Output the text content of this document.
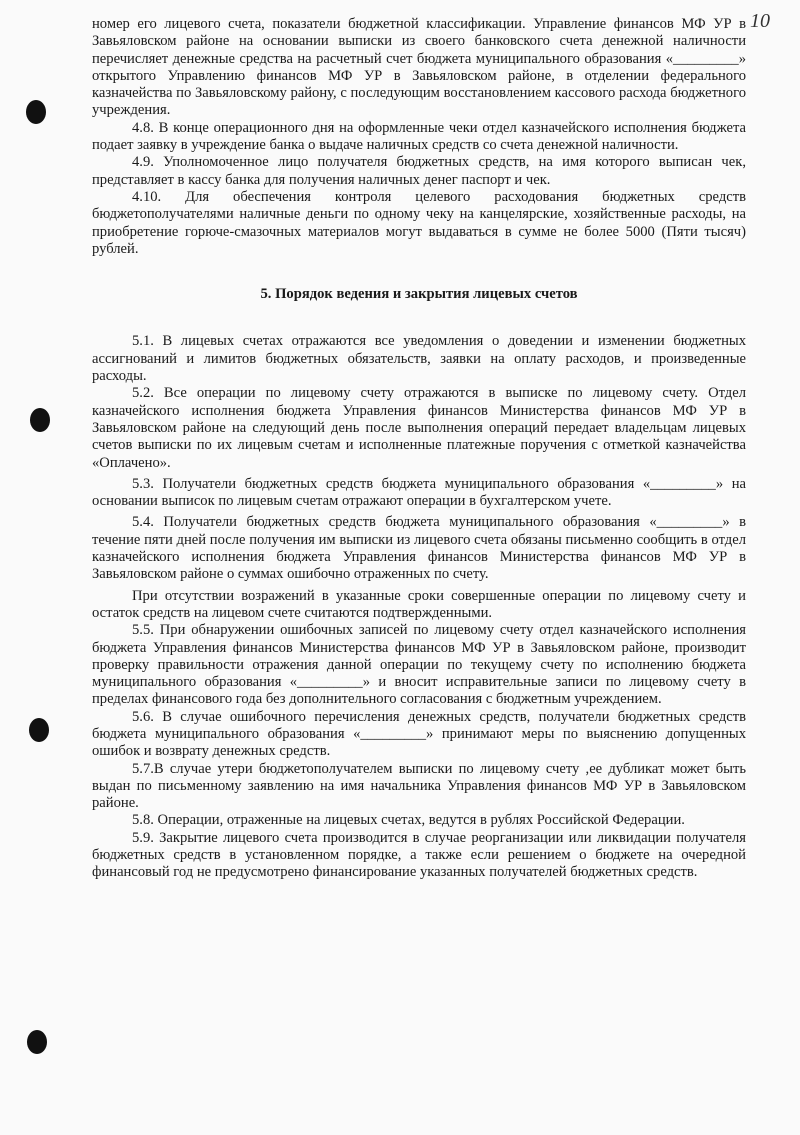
10

номер его лицевого счета, показатели бюджетной классификации. Управление финансов МФ УР в Завьяловском районе на основании выписки из своего банковского счета денежной наличности перечисляет денежные средства на расчетный счет бюджета муниципального образования «_________» открытого Управлению финансов МФ УР в Завьяловском районе, в отделении федерального казначейства по Завьяловскому району, с последующим восстановлением кассового расхода бюджетного учреждения.

4.8. В конце операционного дня на оформленные чеки отдел казначейского исполнения бюджета подает заявку в учреждение банка о выдаче наличных средств со счета денежной наличности.

4.9. Уполномоченное лицо получателя бюджетных средств, на имя которого выписан чек, представляет в кассу банка для получения наличных денег паспорт и чек.

4.10. Для обеспечения контроля целевого расходования бюджетных средств бюджетополучателями наличные деньги по одному чеку на канцелярские, хозяйственные расходы, на приобретение горюче-смазочных материалов могут выдаваться в сумме не более 5000 (Пяти тысяч) рублей.

5. Порядок ведения и закрытия лицевых счетов

5.1. В лицевых счетах отражаются все уведомления о доведении и изменении бюджетных ассигнований и лимитов бюджетных обязательств, заявки на оплату расходов, и произведенные расходы.

5.2. Все операции по лицевому счету отражаются в выписке по лицевому счету. Отдел казначейского исполнения бюджета Управления финансов Министерства финансов МФ УР в Завьяловском районе на следующий день после выполнения операций передает владельцам лицевых счетов выписки по их лицевым счетам и исполненные платежные поручения с отметкой казначейства «Оплачено».

5.3. Получатели бюджетных средств бюджета муниципального образования «_________» на основании выписок по лицевым счетам отражают операции в бухгалтерском учете.

5.4. Получатели бюджетных средств бюджета муниципального образования «_________» в течение пяти дней после получения им выписки из лицевого счета обязаны письменно сообщить в отдел казначейского исполнения бюджета Управления финансов Министерства финансов МФ УР в Завьяловском районе о суммах ошибочно отраженных по счету.

При отсутствии возражений в указанные сроки совершенные операции по лицевому счету и остаток средств на лицевом счете считаются подтвержденными.

5.5. При обнаружении ошибочных записей по лицевому счету отдел казначейского исполнения бюджета Управления финансов Министерства финансов МФ УР в Завьяловском районе, производит проверку правильности отражения данной операции по текущему счету по исполнению бюджета муниципального образования «_________» и вносит исправительные записи по лицевому счету в пределах финансового года без дополнительного согласования с бюджетным учреждением.

5.6. В случае ошибочного перечисления денежных средств, получатели бюджетных средств бюджета муниципального образования «_________» принимают меры по выяснению допущенных ошибок и возврату денежных средств.

5.7.В случае утери бюджетополучателем выписки по лицевому счету ,ее дубликат может быть выдан по письменному заявлению на имя начальника Управления финансов МФ УР в Завьяловском районе.

5.8. Операции, отраженные на лицевых счетах, ведутся в рублях Российской Федерации.

5.9. Закрытие лицевого счета производится в случае реорганизации или ликвидации получателя бюджетных средств в установленном порядке, а также если решением о бюджете на очередной финансовый год не предусмотрено финансирование указанных получателей бюджетных средств.
